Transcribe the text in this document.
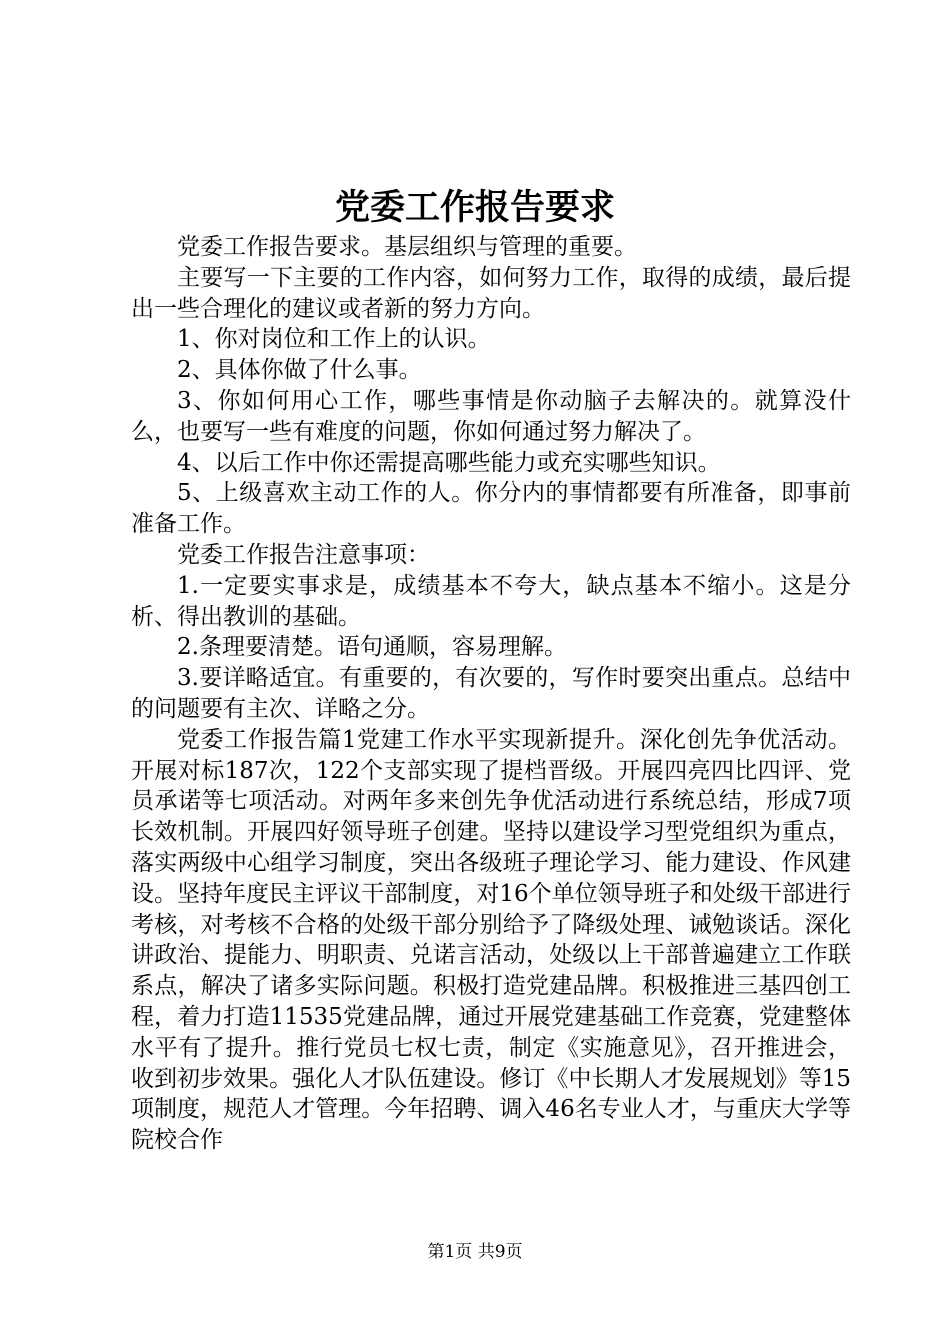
党委工作报告要求

党委工作报告要求。基层组织与管理的重要。

主要写一下主要的工作内容，如何努力工作，取得的成绩，最后提出一些合理化的建议或者新的努力方向。

1、你对岗位和工作上的认识。

2、具体你做了什么事。

3、你如何用心工作，哪些事情是你动脑子去解决的。就算没什么，也要写一些有难度的问题，你如何通过努力解决了。

4、以后工作中你还需提高哪些能力或充实哪些知识。

5、上级喜欢主动工作的人。你分内的事情都要有所准备，即事前准备工作。

党委工作报告注意事项：

1.一定要实事求是，成绩基本不夸大，缺点基本不缩小。这是分析、得出教训的基础。

2.条理要清楚。语句通顺，容易理解。

3.要详略适宜。有重要的，有次要的，写作时要突出重点。总结中的问题要有主次、详略之分。

党委工作报告篇1党建工作水平实现新提升。深化创先争优活动。开展对标187次，122个支部实现了提档晋级。开展四亮四比四评、党员承诺等七项活动。对两年多来创先争优活动进行系统总结，形成7项长效机制。开展四好领导班子创建。坚持以建设学习型党组织为重点，落实两级中心组学习制度，突出各级班子理论学习、能力建设、作风建设。坚持年度民主评议干部制度，对16个单位领导班子和处级干部进行考核，对考核不合格的处级干部分别给予了降级处理、诫勉谈话。深化讲政治、提能力、明职责、兑诺言活动，处级以上干部普遍建立工作联系点，解决了诸多实际问题。积极打造党建品牌。积极推进三基四创工程，着力打造11535党建品牌，通过开展党建基础工作竞赛，党建整体水平有了提升。推行党员七权七责，制定《实施意见》，召开推进会，收到初步效果。强化人才队伍建设。修订《中长期人才发展规划》等15项制度，规范人才管理。今年招聘、调入46名专业人才，与重庆大学等院校合作

第1页 共9页
